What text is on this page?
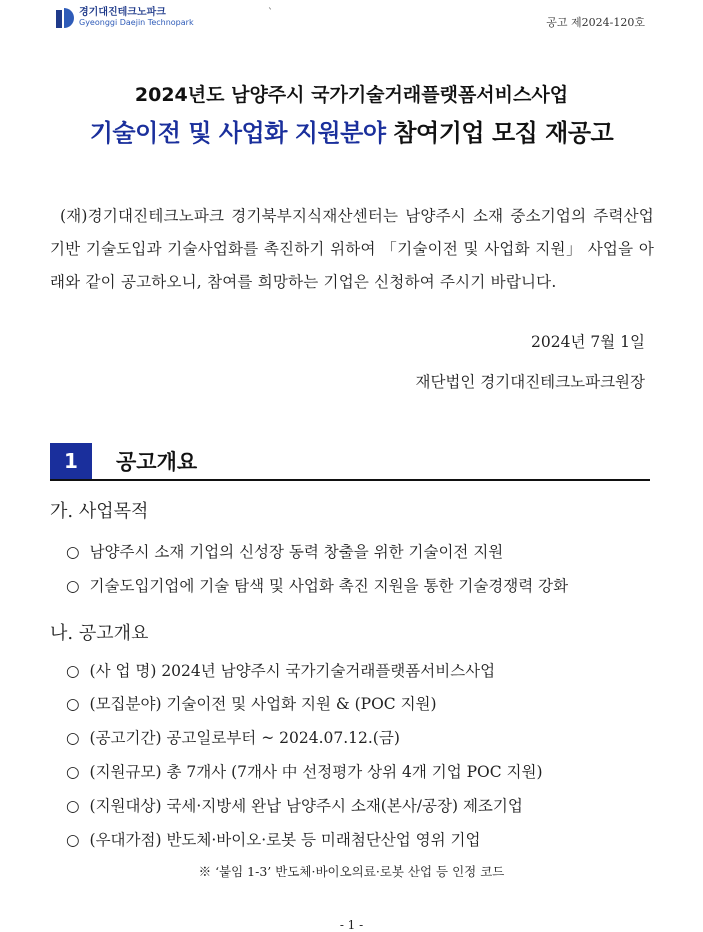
경기대진테크노파크
Gyeonggi Daejin Technopark
`
공고 제2024-120호
2024년도 남양주시 국가기술거래플랫폼서비스사업
기술이전 및 사업화 지원분야 참여기업 모집 재공고
(재)경기대진테크노파크 경기북부지식재산센터는 남양주시 소재 중소기업의 주력산업 기반 기술도입과 기술사업화를 촉진하기 위하여 「기술이전 및 사업화 지원」 사업을 아래와 같이 공고하오니, 참여를 희망하는 기업은 신청하여 주시기 바랍니다.
2024년 7월 1일
재단법인 경기대진테크노파크원장
1	공고개요
가. 사업목적
○ 남양주시 소재 기업의 신성장 동력 창출을 위한 기술이전 지원
○ 기술도입기업에 기술 탐색 및 사업화 촉진 지원을 통한 기술경쟁력 강화
나. 공고개요
○ (사 업 명) 2024년 남양주시 국가기술거래플랫폼서비스사업
○ (모집분야) 기술이전 및 사업화 지원 & (POC 지원)
○ (공고기간) 공고일로부터 ~ 2024.07.12.(금)
○ (지원규모) 총 7개사 (7개사 中 선정평가 상위 4개 기업 POC 지원)
○ (지원대상) 국세·지방세 완납 남양주시 소재(본사/공장) 제조기업
○ (우대가점) 반도체·바이오·로봇 등 미래첨단산업 영위 기업
※ ‘붙임 1-3’ 반도체·바이오의료·로봇 산업 등 인정 코드
- 1 -
